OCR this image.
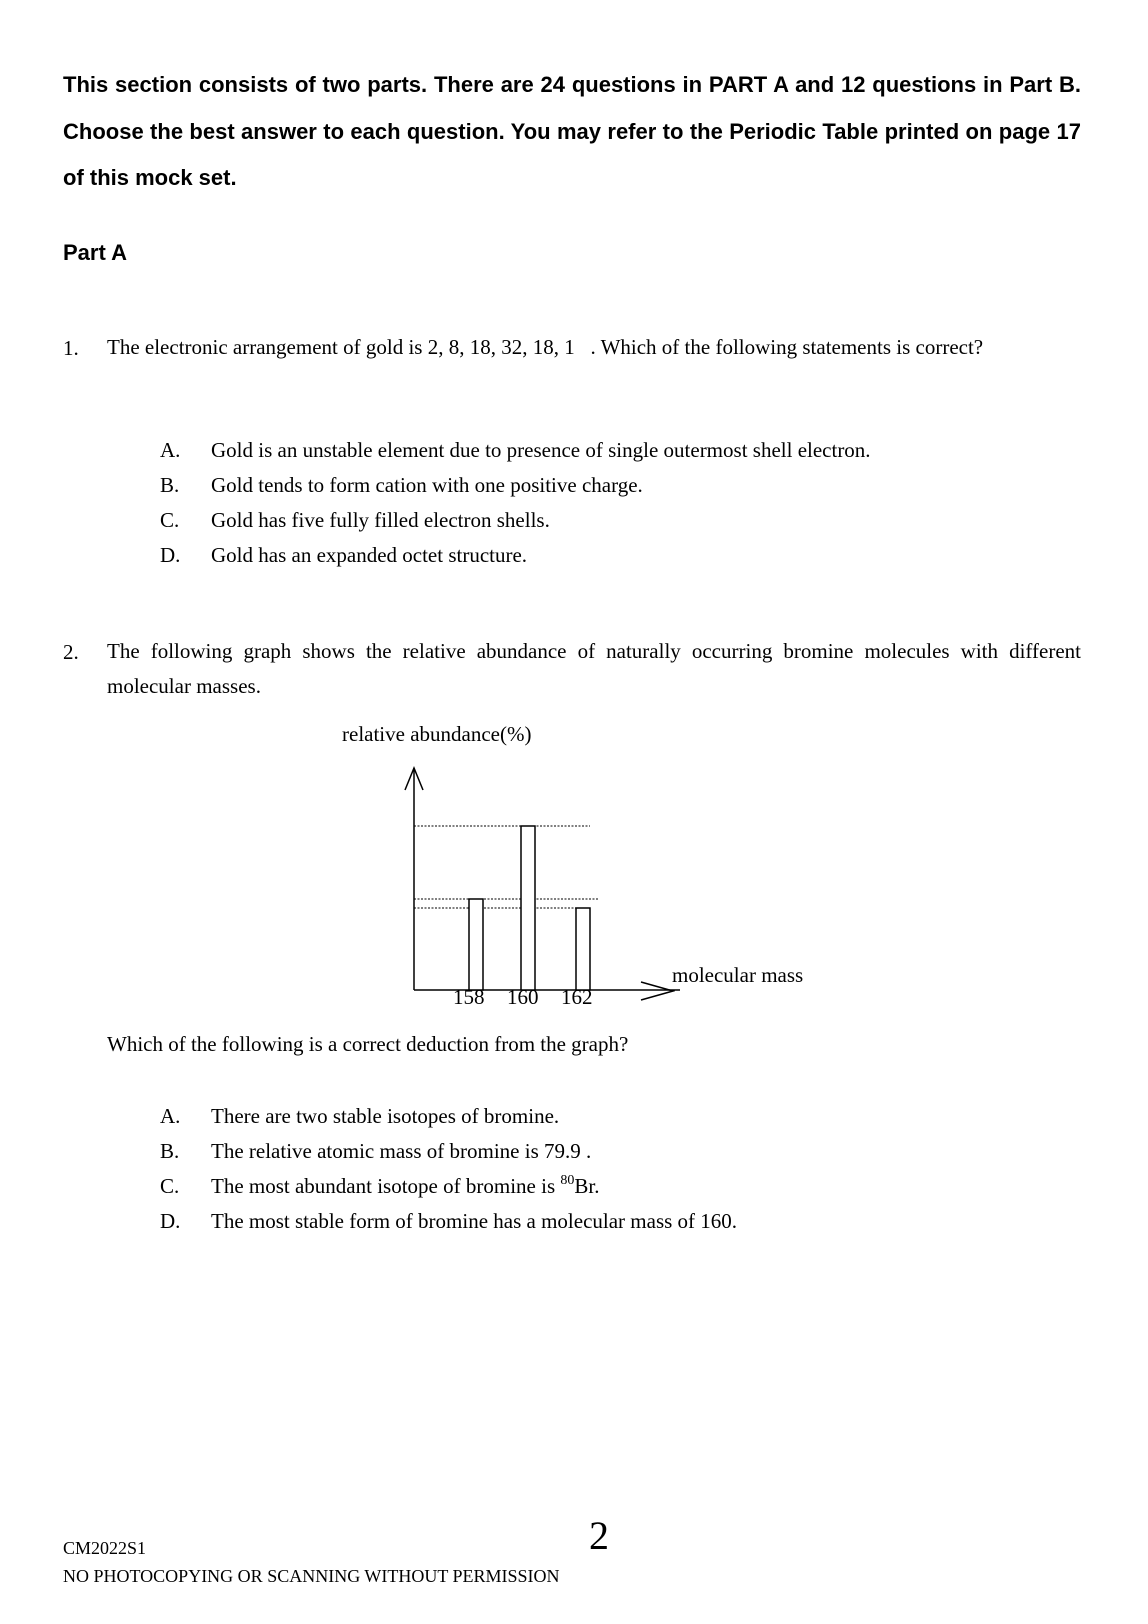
This section consists of two parts. There are 24 questions in PART A and 12 questions in Part B. Choose the best answer to each question. You may refer to the Periodic Table printed on page 17 of this mock set.
Part A
1. The electronic arrangement of gold is 2, 8, 18, 32, 18, 1   . Which of the following statements is correct?
A. Gold is an unstable element due to presence of single outermost shell electron.
B. Gold tends to form cation with one positive charge.
C. Gold has five fully filled electron shells.
D. Gold has an expanded octet structure.
2. The following graph shows the relative abundance of naturally occurring bromine molecules with different molecular masses.
relative abundance(%)
molecular mass
158 160 162
Which of the following is a correct deduction from the graph?
A. There are two stable isotopes of bromine.
B. The relative atomic mass of bromine is 79.9 .
C. The most abundant isotope of bromine is $^{80}$Br.
D. The most stable form of bromine has a molecular mass of 160.
2
CM2022S1
NO PHOTOCOPYING OR SCANNING WITHOUT PERMISSION
